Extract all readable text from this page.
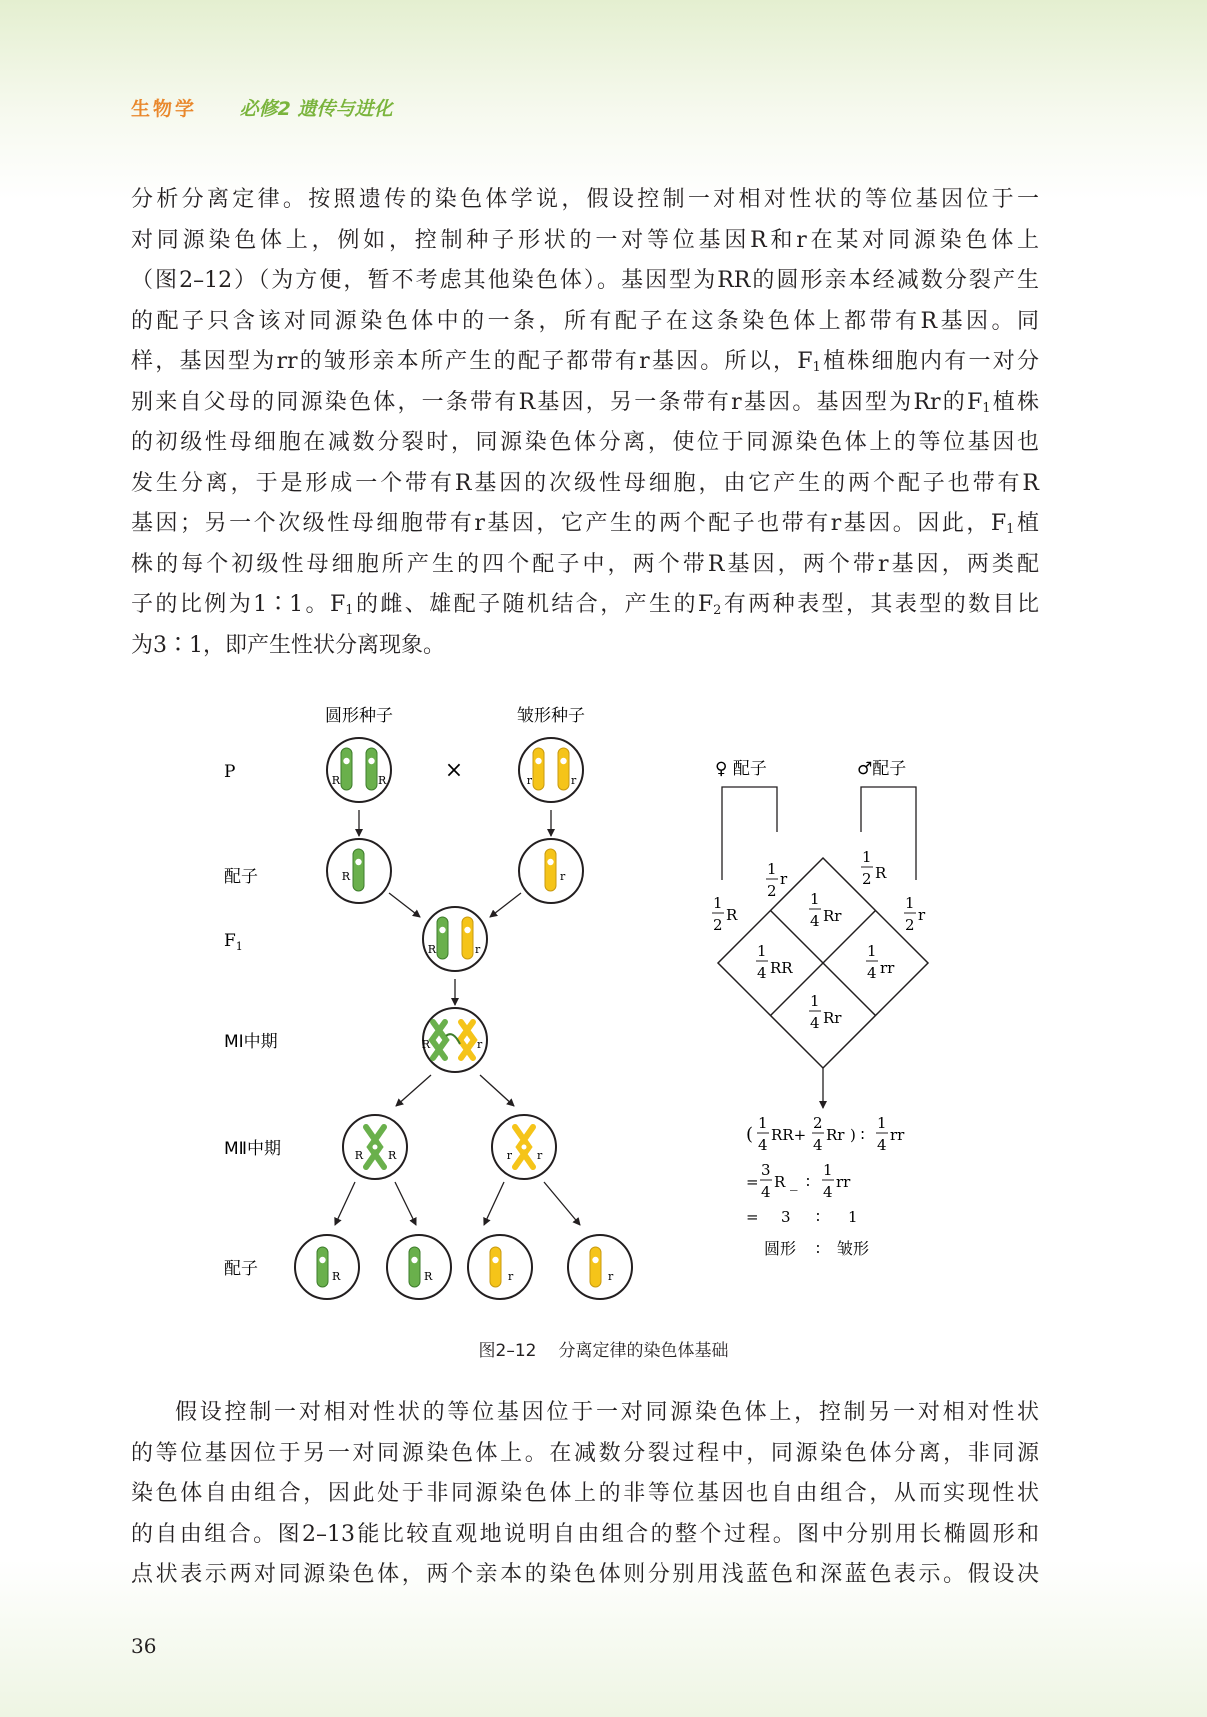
生物学 必修2 遗传与进化
分析分离定律。按照遗传的染色体学说，假设控制一对相对性状的等位基因位于一
对同源染色体上，例如，控制种子形状的一对等位基因R和r在某对同源染色体上
（图2–12）（为方便，暂不考虑其他染色体）。基因型为RR的圆形亲本经减数分裂产生
的配子只含该对同源染色体中的一条，所有配子在这条染色体上都带有R基因。同
样，基因型为rr的皱形亲本所产生的配子都带有r基因。所以，$F_1$植株细胞内有一对分
别来自父母的同源染色体，一条带有R基因，另一条带有r基因。基因型为Rr的$F_1$植株
的初级性母细胞在减数分裂时，同源染色体分离，使位于同源染色体上的等位基因也
发生分离，于是形成一个带有R基因的次级性母细胞，由它产生的两个配子也带有R
基因；另一个次级性母细胞带有r基因，它产生的两个配子也带有r基因。因此，$F_1$植
株的每个初级性母细胞所产生的四个配子中，两个带R基因，两个带r基因，两类配
子的比例为1∶1。$F_1$的雌、雄配子随机结合，产生的$F_2$有两种表型，其表型的数目比
为3∶1，即产生性状分离现象。
圆形种子	皱形种子
P
配子
$F_1$
MⅠ中期
MⅡ中期
配子
R	R	×	r	r
R	r
R	r
R	r
R R	r r
R	R	r	r
♀ 配子	♂配子
1
2
R
1
2
r
1
2 R
1
2
r
1
4 Rr
1
4 RR
1
4 rr
1
4 Rr
(
1
4
RR+
2
4
Rr ) ∶
1
4
rr
=
3
4
R _ ∶
1
4
rr
= 3 ∶ 1
圆形 ∶ 皱形
图2–12 分离定律的染色体基础
假设控制一对相对性状的等位基因位于一对同源染色体上，控制另一对相对性状
的等位基因位于另一对同源染色体上。在减数分裂过程中，同源染色体分离，非同源
染色体自由组合，因此处于非同源染色体上的非等位基因也自由组合，从而实现性状
的自由组合。图2–13能比较直观地说明自由组合的整个过程。图中分别用长椭圆形和
点状表示两对同源染色体，两个亲本的染色体则分别用浅蓝色和深蓝色表示。假设决
36
